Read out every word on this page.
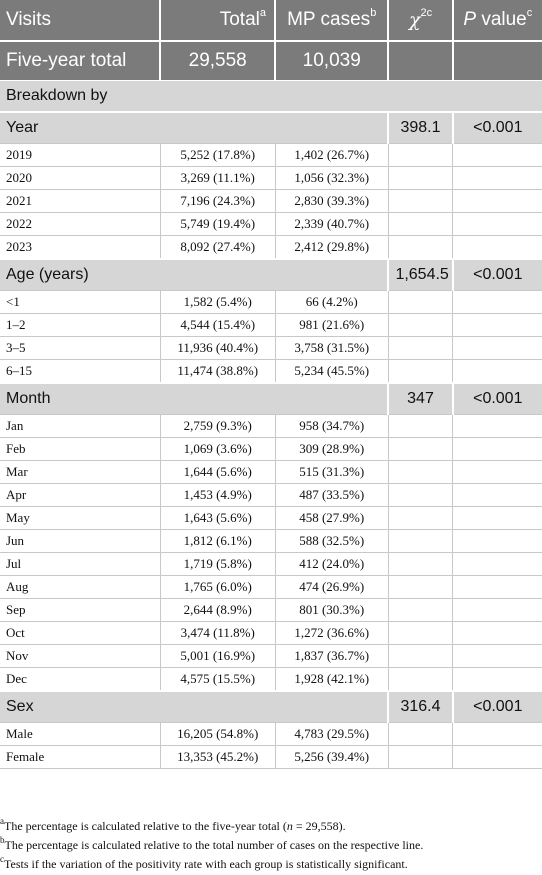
Visits	Total$^a$	MP cases$^b$	$\chi^{2c}$	P value$^c$
Five-year total	29,558	10,039		
Breakdown by				
Year			398.1	<0.001
2019	5,252 (17.8%)	1,402 (26.7%)		
2020	3,269 (11.1%)	1,056 (32.3%)		
2021	7,196 (24.3%)	2,830 (39.3%)		
2022	5,749 (19.4%)	2,339 (40.7%)		
2023	8,092 (27.4%)	2,412 (29.8%)		
Age (years)			1,654.5	<0.001
<1	1,582 (5.4%)	66 (4.2%)		
1–2	4,544 (15.4%)	981 (21.6%)		
3–5	11,936 (40.4%)	3,758 (31.5%)		
6–15	11,474 (38.8%)	5,234 (45.5%)		
Month			347	<0.001
Jan	2,759 (9.3%)	958 (34.7%)		
Feb	1,069 (3.6%)	309 (28.9%)		
Mar	1,644 (5.6%)	515 (31.3%)		
Apr	1,453 (4.9%)	487 (33.5%)		
May	1,643 (5.6%)	458 (27.9%)		
Jun	1,812 (6.1%)	588 (32.5%)		
Jul	1,719 (5.8%)	412 (24.0%)		
Aug	1,765 (6.0%)	474 (26.9%)		
Sep	2,644 (8.9%)	801 (30.3%)		
Oct	3,474 (11.8%)	1,272 (36.6%)		
Nov	5,001 (16.9%)	1,837 (36.7%)		
Dec	4,575 (15.5%)	1,928 (42.1%)		
Sex			316.4	<0.001
Male	16,205 (54.8%)	4,783 (29.5%)		
Female	13,353 (45.2%)	5,256 (39.4%)		

$^a$The percentage is calculated relative to the five-year total (n = 29,558).

$^b$The percentage is calculated relative to the total number of cases on the respective line.

$^c$Tests if the variation of the positivity rate with each group is statistically significant.
